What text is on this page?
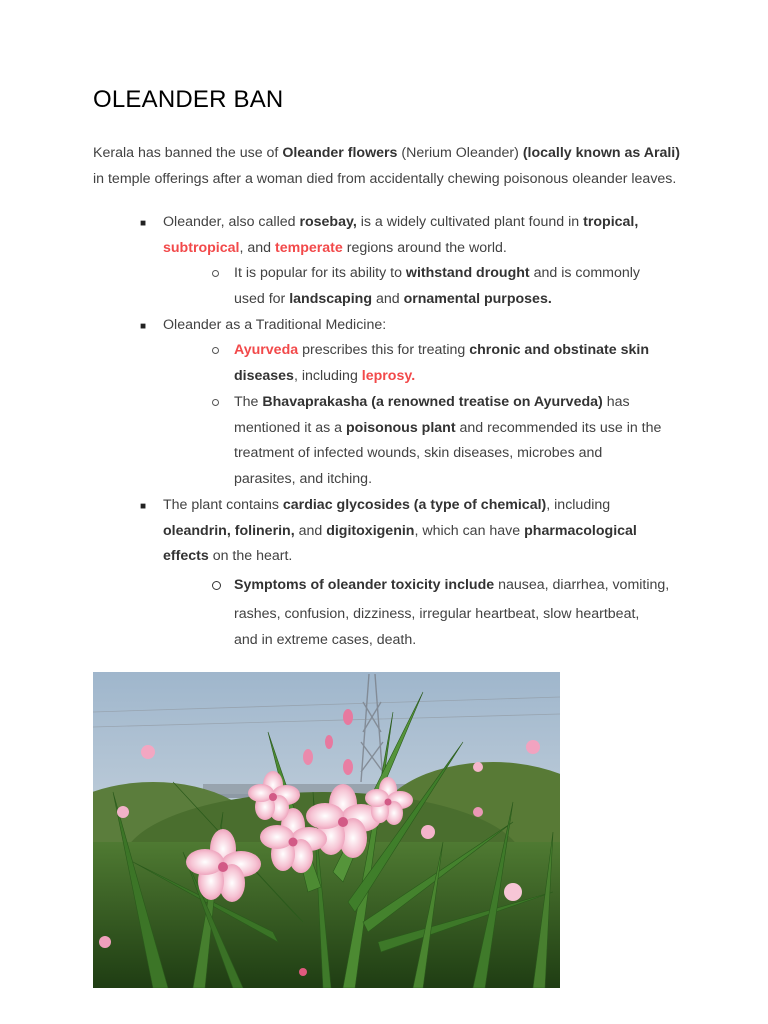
OLEANDER BAN

Kerala has banned the use of Oleander flowers (Nerium Oleander) (locally known as Arali) in temple offerings after a woman died from accidentally chewing poisonous oleander leaves.

■ Oleander, also called rosebay, is a widely cultivated plant found in tropical,
subtropical, and temperate regions around the world.

It is popular for its ability to withstand drought and is commonly used for landscaping and ornamental purposes.

■ Oleander as a Traditional Medicine:

Ayurveda prescribes this for treating chronic and obstinate skin diseases, including leprosy.

The Bhavaprakasha (a renowned treatise on Ayurveda) has mentioned it as a poisonous plant and recommended its use in the treatment of infected wounds, skin diseases, microbes and parasites, and itching.

■ The plant contains cardiac glycosides (a type of chemical), including oleandrin, folinerin, and digitoxigenin, which can have pharmacological effects on the heart.

Symptoms of oleander toxicity include nausea, diarrhea, vomiting,

rashes, confusion, dizziness, irregular heartbeat, slow heartbeat,

and in extreme cases, death.
